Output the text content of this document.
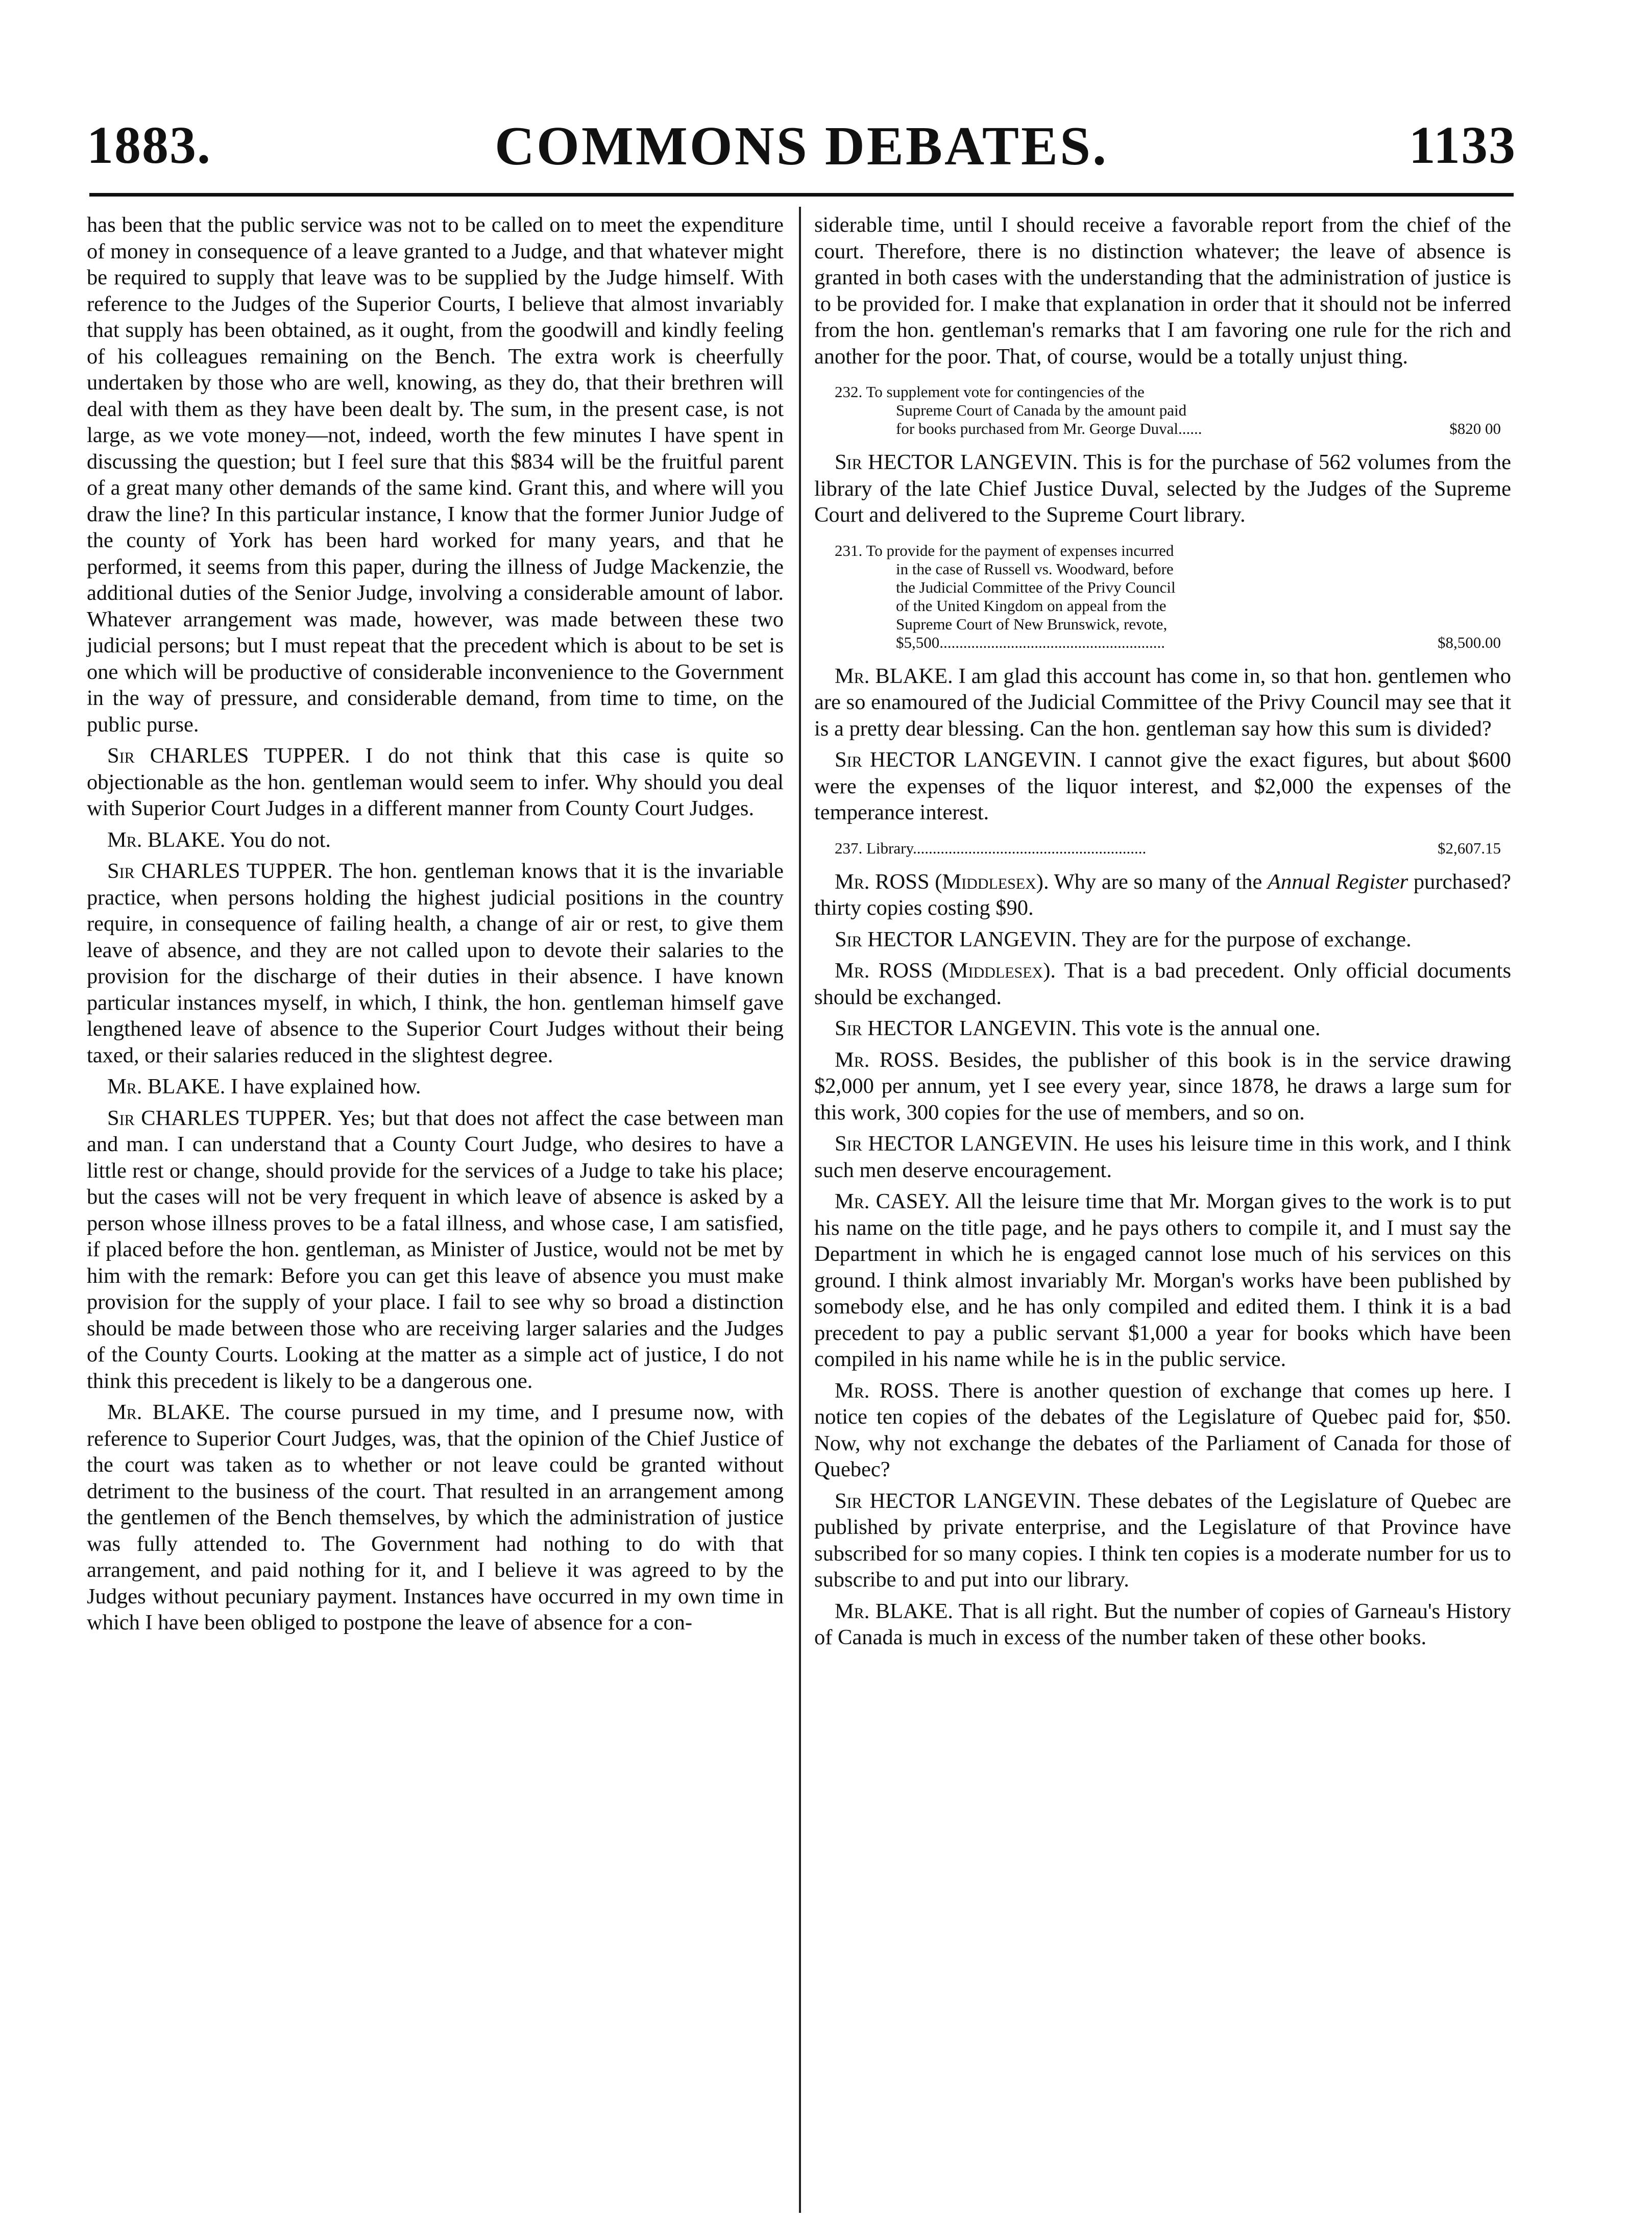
1883.	COMMONS DEBATES.	1133

has been that the public service was not to be called on to meet the expenditure of money in consequence of a leave granted to a Judge, and that whatever might be required to supply that leave was to be supplied by the Judge himself. With reference to the Judges of the Superior Courts, I believe that almost invariably that supply has been obtained, as it ought, from the goodwill and kindly feeling of his colleagues remaining on the Bench. The extra work is cheerfully undertaken by those who are well, knowing, as they do, that their brethren will deal with them as they have been dealt by. The sum, in the present case, is not large, as we vote money—not, indeed, worth the few minutes I have spent in discussing the question; but I feel sure that this $834 will be the fruitful parent of a great many other demands of the same kind. Grant this, and where will you draw the line? In this particular instance, I know that the former Junior Judge of the county of York has been hard worked for many years, and that he performed, it seems from this paper, during the illness of Judge Mackenzie, the additional duties of the Senior Judge, involving a considerable amount of labor. Whatever arrangement was made, however, was made between these two judicial persons; but I must repeat that the precedent which is about to be set is one which will be productive of considerable inconvenience to the Government in the way of pressure, and considerable demand, from time to time, on the public purse.

Sir CHARLES TUPPER. I do not think that this case is quite so objectionable as the hon. gentleman would seem to infer. Why should you deal with Superior Court Judges in a different manner from County Court Judges.

Mr. BLAKE. You do not.

Sir CHARLES TUPPER. The hon. gentleman knows that it is the invariable practice, when persons holding the highest judicial positions in the country require, in consequence of failing health, a change of air or rest, to give them leave of absence, and they are not called upon to devote their salaries to the provision for the discharge of their duties in their absence. I have known particular instances myself, in which, I think, the hon. gentleman himself gave lengthened leave of absence to the Superior Court Judges without their being taxed, or their salaries reduced in the slightest degree.

Mr. BLAKE. I have explained how.

Sir CHARLES TUPPER. Yes; but that does not affect the case between man and man. I can understand that a County Court Judge, who desires to have a little rest or change, should provide for the services of a Judge to take his place; but the cases will not be very frequent in which leave of absence is asked by a person whose illness proves to be a fatal illness, and whose case, I am satisfied, if placed before the hon. gentleman, as Minister of Justice, would not be met by him with the remark: Before you can get this leave of absence you must make provision for the supply of your place. I fail to see why so broad a distinction should be made between those who are receiving larger salaries and the Judges of the County Courts. Looking at the matter as a simple act of justice, I do not think this precedent is likely to be a dangerous one.

Mr. BLAKE. The course pursued in my time, and I presume now, with reference to Superior Court Judges, was, that the opinion of the Chief Justice of the court was taken as to whether or not leave could be granted without detriment to the business of the court. That resulted in an arrangement among the gentlemen of the Bench themselves, by which the administration of justice was fully attended to. The Government had nothing to do with that arrangement, and paid nothing for it, and I believe it was agreed to by the Judges without pecuniary payment. Instances have occurred in my own time in which I have been obliged to postpone the leave of absence for a con-

siderable time, until I should receive a favorable report from the chief of the court. Therefore, there is no distinction whatever; the leave of absence is granted in both cases with the understanding that the administration of justice is to be provided for. I make that explanation in order that it should not be inferred from the hon. gentleman's remarks that I am favoring one rule for the rich and another for the poor. That, of course, would be a totally unjust thing.

232. To supplement vote for contingencies of the
Supreme Court of Canada by the amount paid
for books purchased from Mr. George Duval......	$820 00

Sir HECTOR LANGEVIN. This is for the purchase of 562 volumes from the library of the late Chief Justice Duval, selected by the Judges of the Supreme Court and delivered to the Supreme Court library.

231. To provide for the payment of expenses incurred
in the case of Russell vs. Woodward, before
the Judicial Committee of the Privy Council
of the United Kingdom on appeal from the
Supreme Court of New Brunswick, revote,
$5,500.........................................................	$8,500.00

Mr. BLAKE. I am glad this account has come in, so that hon. gentlemen who are so enamoured of the Judicial Committee of the Privy Council may see that it is a pretty dear blessing. Can the hon. gentleman say how this sum is divided?

Sir HECTOR LANGEVIN. I cannot give the exact figures, but about $600 were the expenses of the liquor interest, and $2,000 the expenses of the temperance interest.

237. Library...........................................................	$2,607.15

Mr. ROSS (Middlesex). Why are so many of the Annual Register purchased? thirty copies costing $90.

Sir HECTOR LANGEVIN. They are for the purpose of exchange.

Mr. ROSS (Middlesex). That is a bad precedent. Only official documents should be exchanged.

Sir HECTOR LANGEVIN. This vote is the annual one.

Mr. ROSS. Besides, the publisher of this book is in the service drawing $2,000 per annum, yet I see every year, since 1878, he draws a large sum for this work, 300 copies for the use of members, and so on.

Sir HECTOR LANGEVIN. He uses his leisure time in this work, and I think such men deserve encouragement.

Mr. CASEY. All the leisure time that Mr. Morgan gives to the work is to put his name on the title page, and he pays others to compile it, and I must say the Department in which he is engaged cannot lose much of his services on this ground. I think almost invariably Mr. Morgan's works have been published by somebody else, and he has only compiled and edited them. I think it is a bad precedent to pay a public servant $1,000 a year for books which have been compiled in his name while he is in the public service.

Mr. ROSS. There is another question of exchange that comes up here. I notice ten copies of the debates of the Legislature of Quebec paid for, $50. Now, why not exchange the debates of the Parliament of Canada for those of Quebec?

Sir HECTOR LANGEVIN. These debates of the Legislature of Quebec are published by private enterprise, and the Legislature of that Province have subscribed for so many copies. I think ten copies is a moderate number for us to subscribe to and put into our library.

Mr. BLAKE. That is all right. But the number of copies of Garneau's History of Canada is much in excess of the number taken of these other books.
